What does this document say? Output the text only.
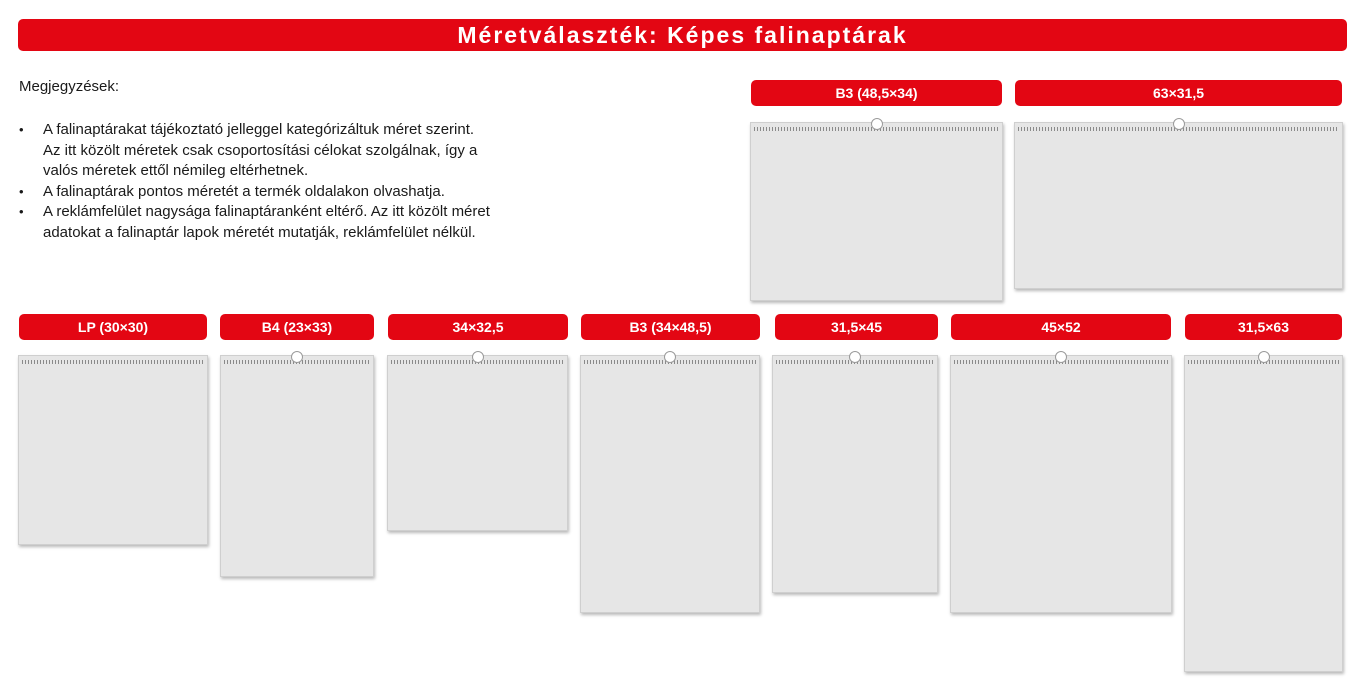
Méretválaszték: Képes falinaptárak
Megjegyzések:
• A falinaptárakat tájékoztató jelleggel kategórizáltuk méret szerint.
Az itt közölt méretek csak csoportosítási célokat szolgálnak, így a
valós méretek ettől némileg eltérhetnek.
• A falinaptárak pontos méretét a termék oldalakon olvashatja.
• A reklámfelület nagysága falinaptáranként eltérő. Az itt közölt méret
adatokat a falinaptár lapok méretét mutatják, reklámfelület nélkül.
B3 (48,5×34)	63×31,5
LP (30×30)	B4 (23×33)	34×32,5	B3 (34×48,5)	31,5×45	45×52	31,5×63
